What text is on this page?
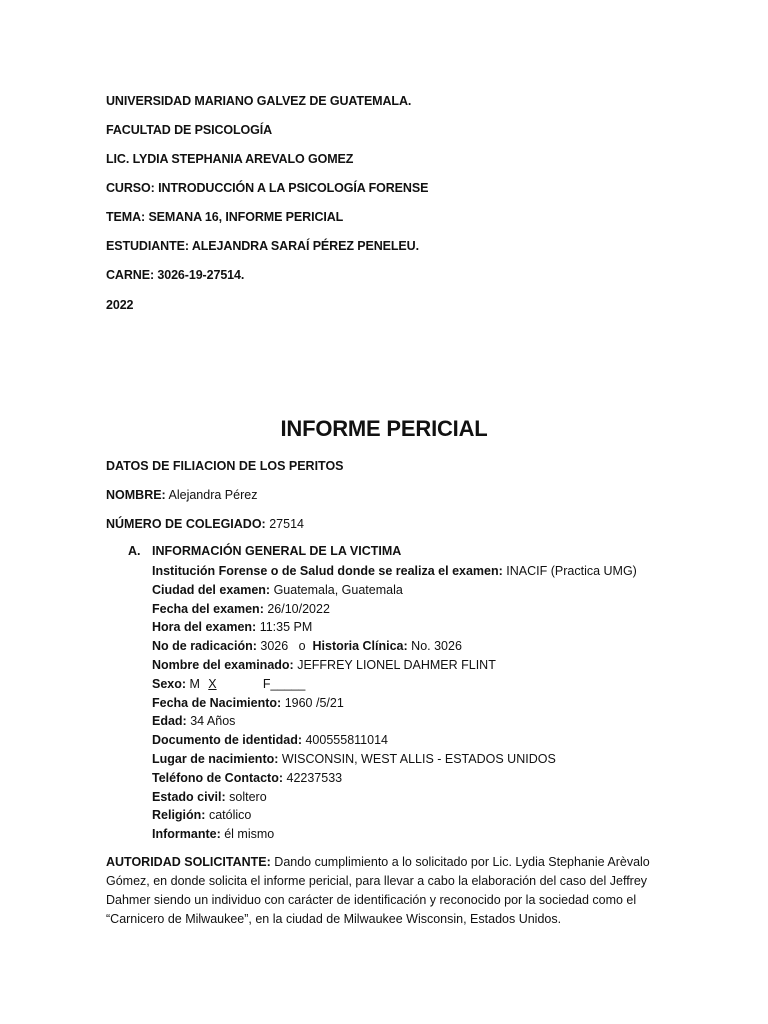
UNIVERSIDAD MARIANO GALVEZ DE GUATEMALA.
FACULTAD DE PSICOLOGÍA
LIC. LYDIA STEPHANIA AREVALO GOMEZ
CURSO: INTRODUCCIÓN A LA PSICOLOGÍA FORENSE
TEMA: SEMANA 16, INFORME PERICIAL
ESTUDIANTE: ALEJANDRA SARAÍ PÉREZ PENELEU.
CARNE: 3026-19-27514.
2022
INFORME PERICIAL
DATOS DE FILIACION DE LOS PERITOS
NOMBRE: Alejandra Pérez
NÚMERO DE COLEGIADO: 27514
A. INFORMACIÓN GENERAL DE LA VICTIMA
Institución Forense o de Salud donde se realiza el examen: INACIF (Practica UMG)
Ciudad del examen: Guatemala, Guatemala
Fecha del examen: 26/10/2022
Hora del examen: 11:35 PM
No de radicación: 3026 o Historia Clínica: No. 3026
Nombre del examinado: JEFFREY LIONEL DAHMER FLINT
Sexo: M X	F_____
Fecha de Nacimiento: 1960 /5/21
Edad: 34 Años
Documento de identidad: 400555811014
Lugar de nacimiento: WISCONSIN, WEST ALLIS - ESTADOS UNIDOS
Teléfono de Contacto: 42237533
Estado civil: soltero
Religión: católico
Informante: él mismo
AUTORIDAD SOLICITANTE: Dando cumplimiento a lo solicitado por Lic. Lydia Stephanie Arèvalo Gómez, en donde solicita el informe pericial, para llevar a cabo la elaboración del caso del Jeffrey Dahmer siendo un individuo con carácter de identificación y reconocido por la sociedad como el “Carnicero de Milwaukee”, en la ciudad de Milwaukee Wisconsin, Estados Unidos.
